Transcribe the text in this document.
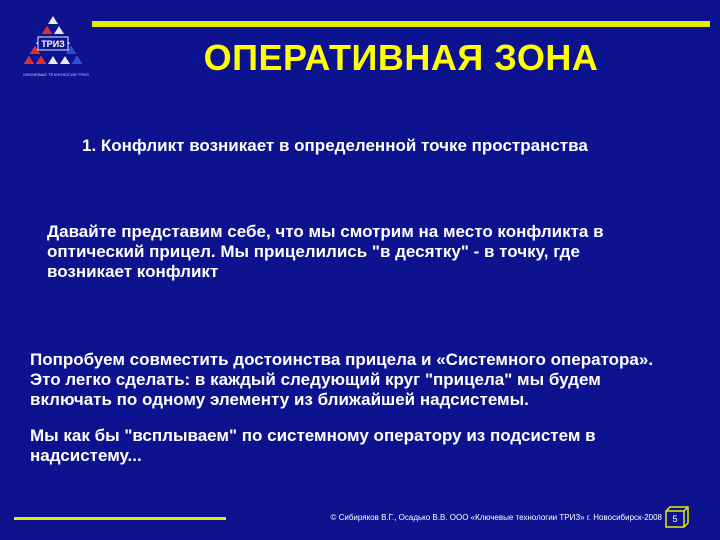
ТРИЗ
КЛЮЧЕВЫЕ ТЕХНОЛОГИИ ТРИЗ	ОПЕРАТИВНАЯ ЗОНА

1. Конфликт возникает в определенной точке пространства

Давайте представим себе, что мы смотрим на место конфликта в
оптический прицел. Мы прицелились "в десятку" - в точку, где
возникает конфликт
Попробуем совместить достоинства прицела и «Системного оператора».
Это легко сделать: в каждый следующий круг "прицела" мы будем
включать по одному элементу из ближайшей надсистемы.
Мы как бы "всплываем" по системному оператору из подсистем в
надсистему...
© Сибиряков В.Г., Осадько В.В. ООО «Ключевые технологии ТРИЗ» г. Новосибирск-2008	5
